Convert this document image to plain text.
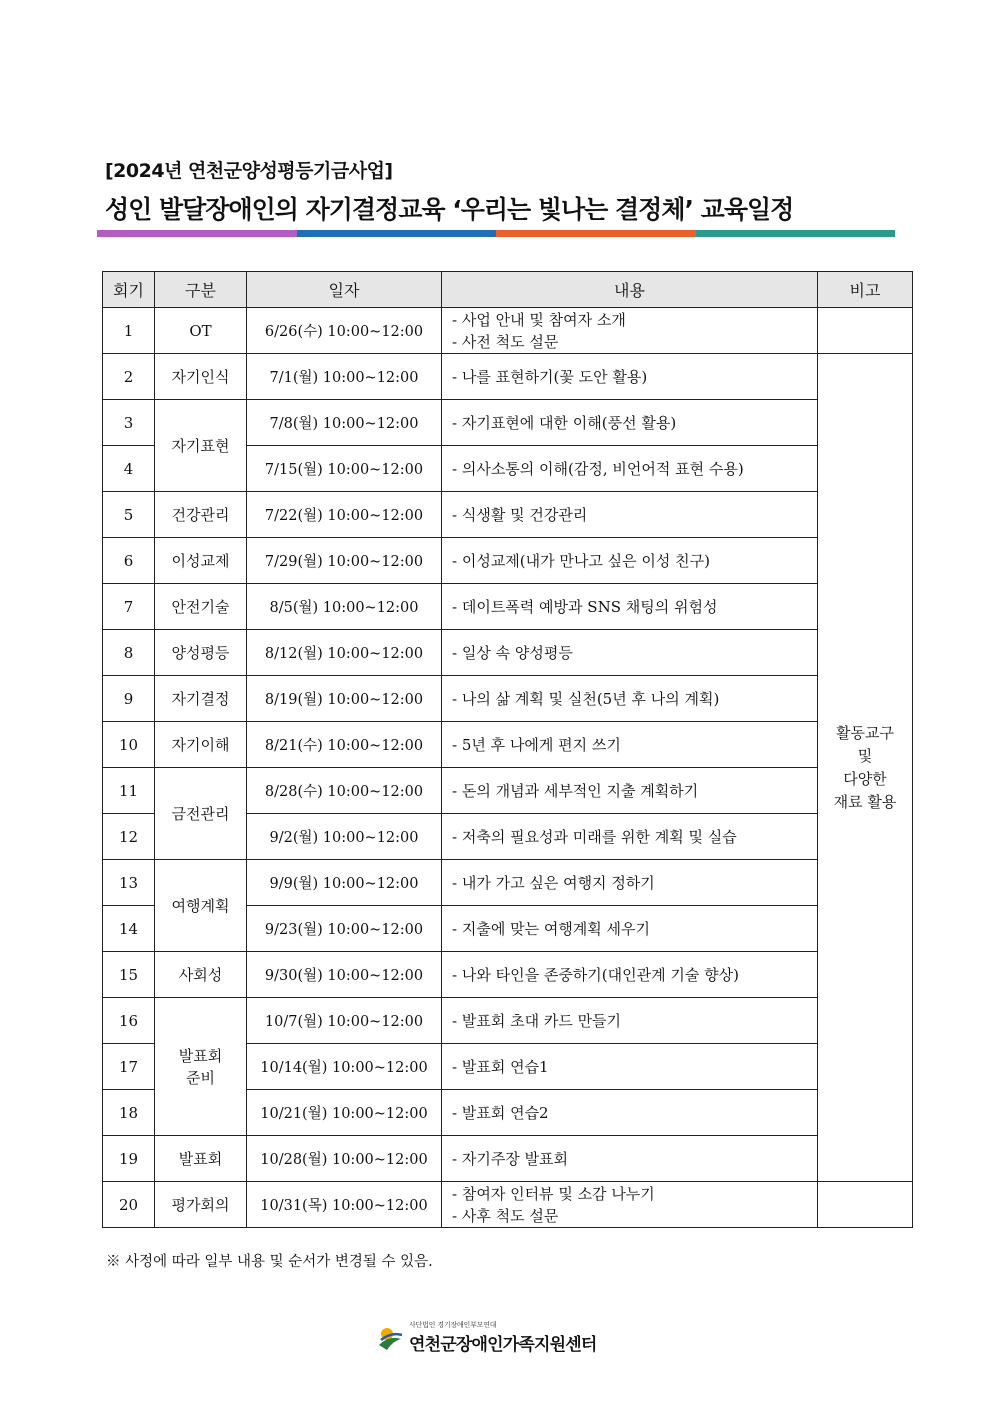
[2024년 연천군양성평등기금사업]
성인 발달장애인의 자기결정교육 ‘우리는 빛나는 결정체’ 교육일정
회기	구분	일자	내용	비고
1	OT	6/26(수) 10:00~12:00	- 사업 안내 및 참여자 소개
- 사전 척도 설문	

2	자기인식	7/1(월) 10:00~12:00	- 나를 표현하기(꽃 도안 활용)	활동교구
및
다양한
재료 활용
3	자기표현	7/8(월) 10:00~12:00	- 자기표현에 대한 이해(풍선 활용)	

4		7/15(월) 10:00~12:00	- 의사소통의 이해(감정, 비언어적 표현 수용)	

5	건강관리	7/22(월) 10:00~12:00	- 식생활 및 건강관리	

6	이성교제	7/29(월) 10:00~12:00	- 이성교제(내가 만나고 싶은 이성 친구)	

7	안전기술	8/5(월) 10:00~12:00	- 데이트폭력 예방과 SNS 채팅의 위험성	

8	양성평등	8/12(월) 10:00~12:00	- 일상 속 양성평등	

9	자기결정	8/19(월) 10:00~12:00	- 나의 삶 계획 및 실천(5년 후 나의 계획)	

10	자기이해	8/21(수) 10:00~12:00	- 5년 후 나에게 편지 쓰기	

11	금전관리	8/28(수) 10:00~12:00	- 돈의 개념과 세부적인 지출 계획하기	

12		9/2(월) 10:00~12:00	- 저축의 필요성과 미래를 위한 계획 및 실습	

13	여행계획	9/9(월) 10:00~12:00	- 내가 가고 싶은 여행지 정하기	

14		9/23(월) 10:00~12:00	- 지출에 맞는 여행계획 세우기	

15	사회성	9/30(월) 10:00~12:00	- 나와 타인을 존중하기(대인관계 기술 향상)	

16	발표회
준비	10/7(월) 10:00~12:00	- 발표회 초대 카드 만들기	

17		10/14(월) 10:00~12:00	- 발표회 연습1	

18		10/21(월) 10:00~12:00	- 발표회 연습2	

19	발표회	10/28(월) 10:00~12:00	- 자기주장 발표회	

20	평가회의	10/31(목) 10:00~12:00	- 참여자 인터뷰 및 소감 나누기
- 사후 척도 설문	

※ 사정에 따라 일부 내용 및 순서가 변경될 수 있음.
사단법인 경기장애인부모연대
연천군장애인가족지원센터
